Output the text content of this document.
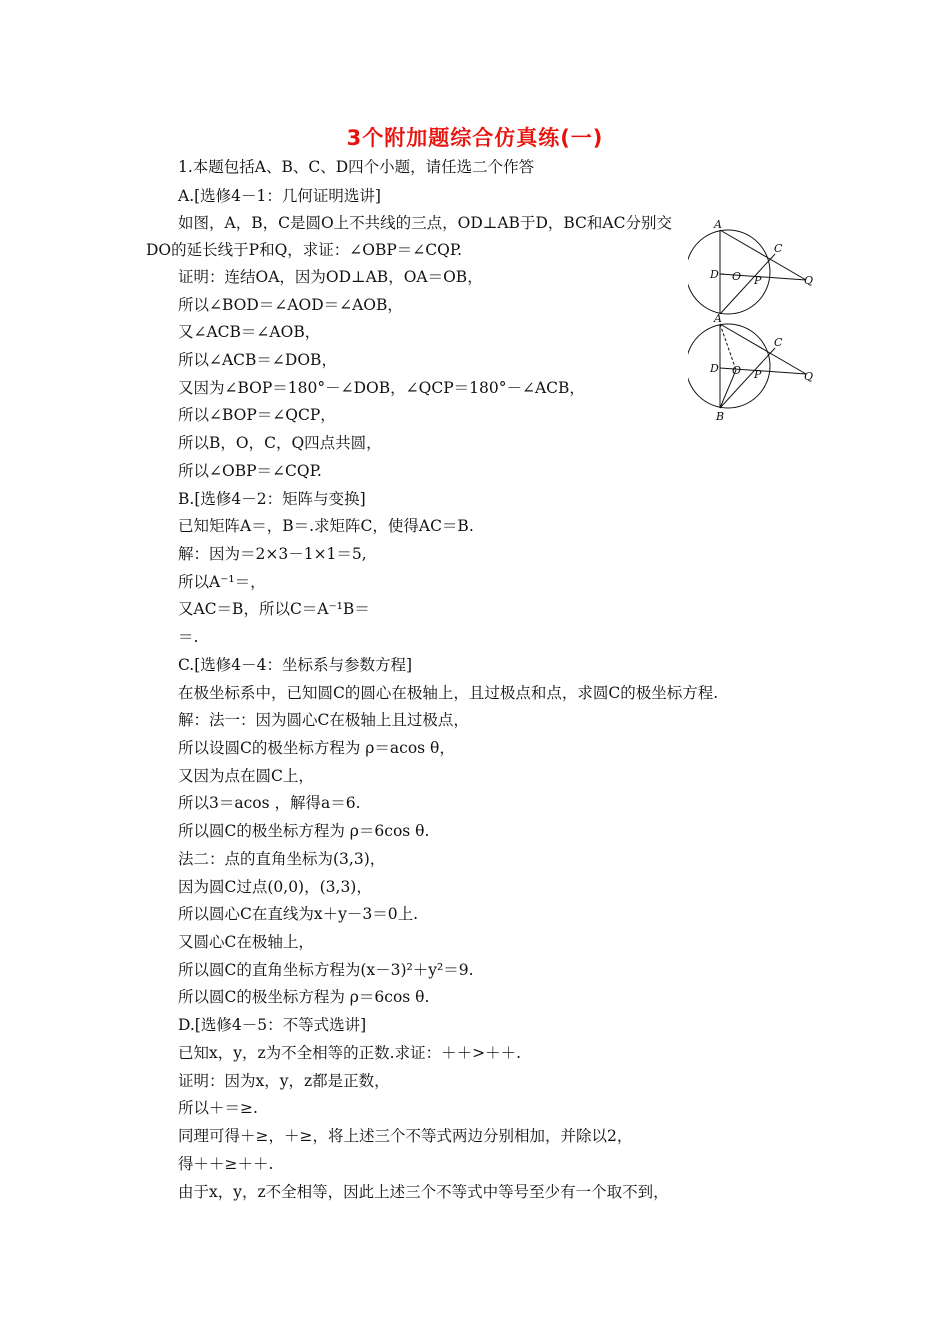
3个附加题综合仿真练(一)
1.本题包括A、B、C、D四个小题，请任选二个作答
A.[选修4－1：几何证明选讲]
如图，A，B，C是圆O上不共线的三点，OD⊥AB于D，BC和AC分别交
DO的延长线于P和Q，求证：∠OBP＝∠CQP.
证明：连结OA，因为OD⊥AB，OA＝OB，
所以∠BOD＝∠AOD＝∠AOB，
又∠ACB＝∠AOB，
所以∠ACB＝∠DOB，
又因为∠BOP＝180°－∠DOB，∠QCP＝180°－∠ACB，
所以∠BOP＝∠QCP，
所以B，O，C，Q四点共圆，
所以∠OBP＝∠CQP.
B.[选修4－2：矩阵与变换]
已知矩阵A＝，B＝.求矩阵C，使得AC＝B.
解：因为＝2×3－1×1＝5,
所以A⁻¹＝，
又AC＝B，所以C＝A⁻¹B＝
＝.
C.[选修4－4：坐标系与参数方程]
在极坐标系中，已知圆C的圆心在极轴上，且过极点和点，求圆C的极坐标方程.
解：法一：因为圆心C在极轴上且过极点，
所以设圆C的极坐标方程为 ρ＝acos θ，
又因为点在圆C上，
所以3＝acos ，解得a＝6.
所以圆C的极坐标方程为 ρ＝6cos θ.
法二：点的直角坐标为(3,3)，
因为圆C过点(0,0)，(3,3)，
所以圆心C在直线为x＋y－3＝0上.
又圆心C在极轴上，
所以圆C的直角坐标方程为(x－3)²＋y²＝9.
所以圆C的极坐标方程为 ρ＝6cos θ.
D.[选修4－5：不等式选讲]
已知x，y，z为不全相等的正数.求证：＋＋>＋＋.
证明：因为x，y，z都是正数，
所以＋＝≥.
同理可得＋≥，＋≥，将上述三个不等式两边分别相加，并除以2，
得＋＋≥＋＋.
由于x，y，z不全相等，因此上述三个不等式中等号至少有一个取不到，
A
C
D O P	Q
A
C
D O P	Q
B
